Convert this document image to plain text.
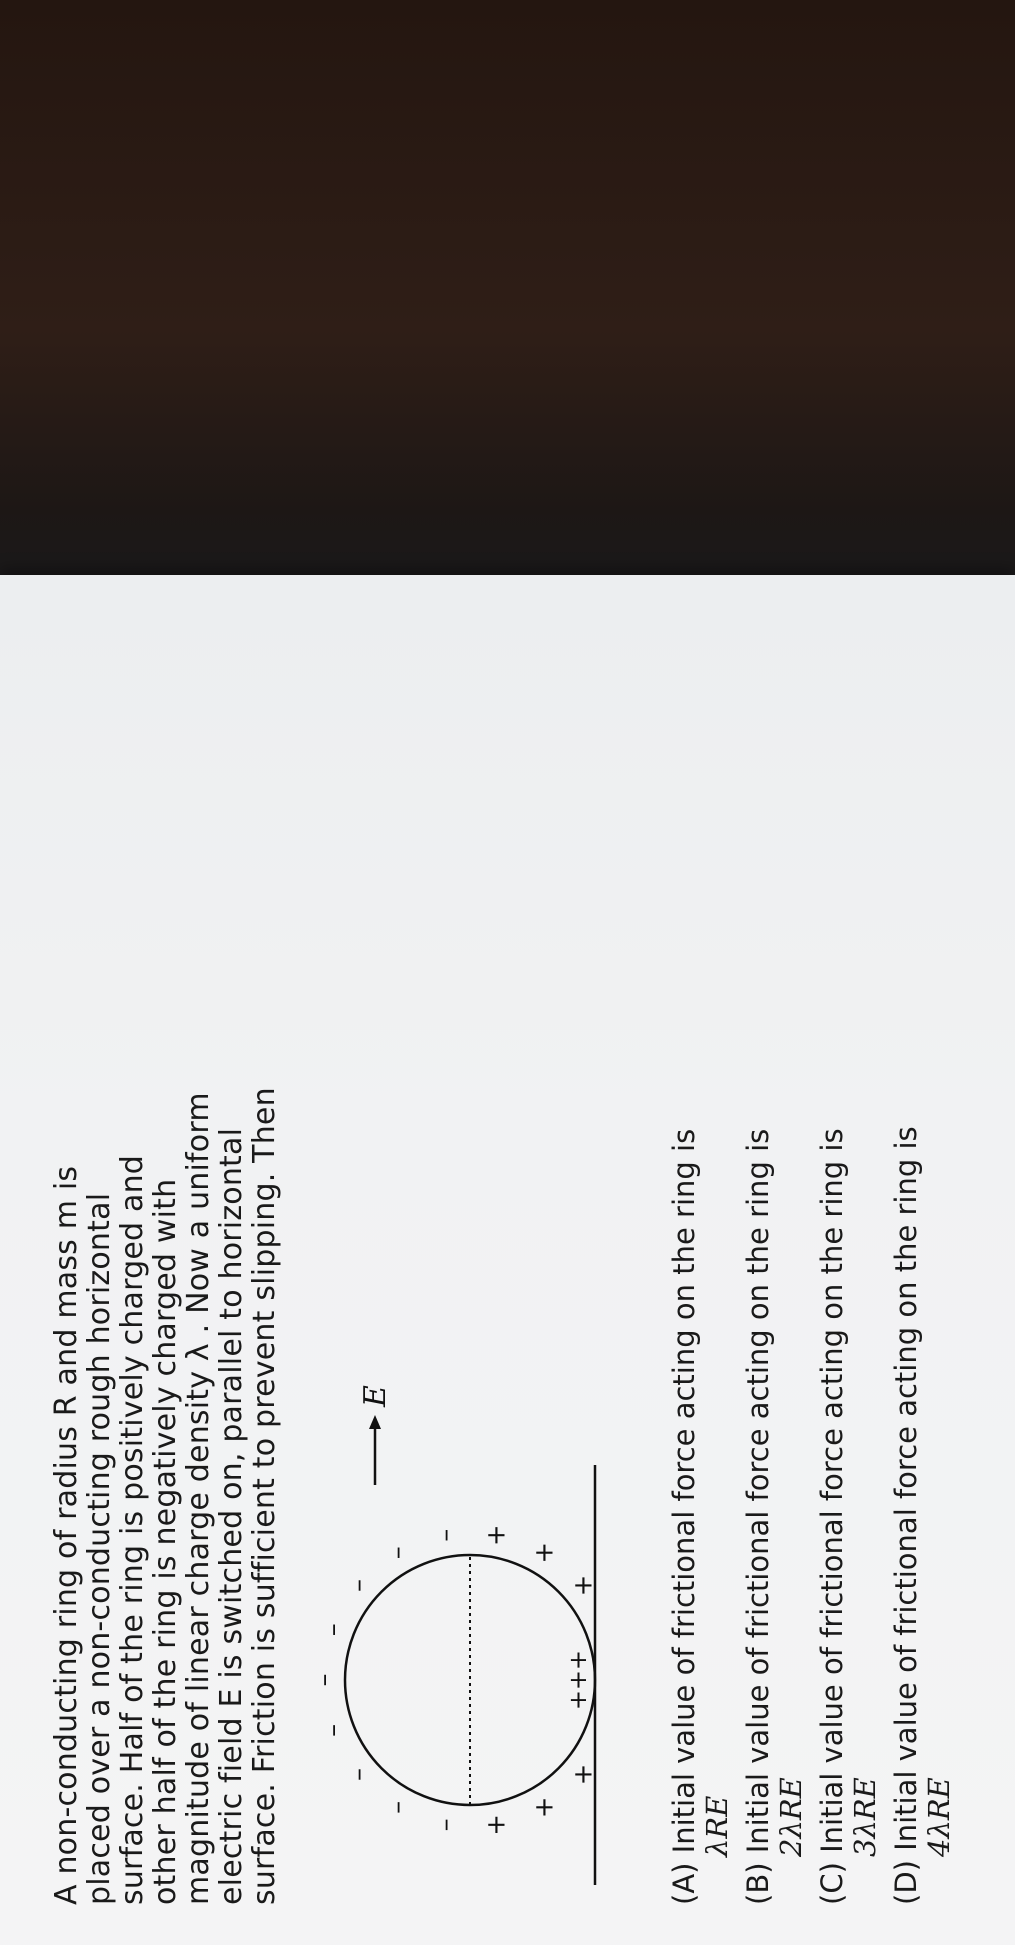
A non-conducting ring of radius R and mass m is
placed over a non-conducting rough horizontal
surface. Half of the ring is positively charged and
other half of the ring is negatively charged with
magnitude of linear charge density λ . Now a uniform
electric field E is switched on, parallel to horizontal
surface. Friction is sufficient to prevent slipping. Then	–
–
–
–
–
–
–
–
– +
+
+
+
+
+
+
+
+
E	(A) Initial value of frictional force acting on the ring is λRE (B) Initial value of frictional force acting on the ring is 2λRE (C) Initial value of frictional force acting on the ring is 3λRE (D) Initial value of frictional force acting on the ring is 4λRE
